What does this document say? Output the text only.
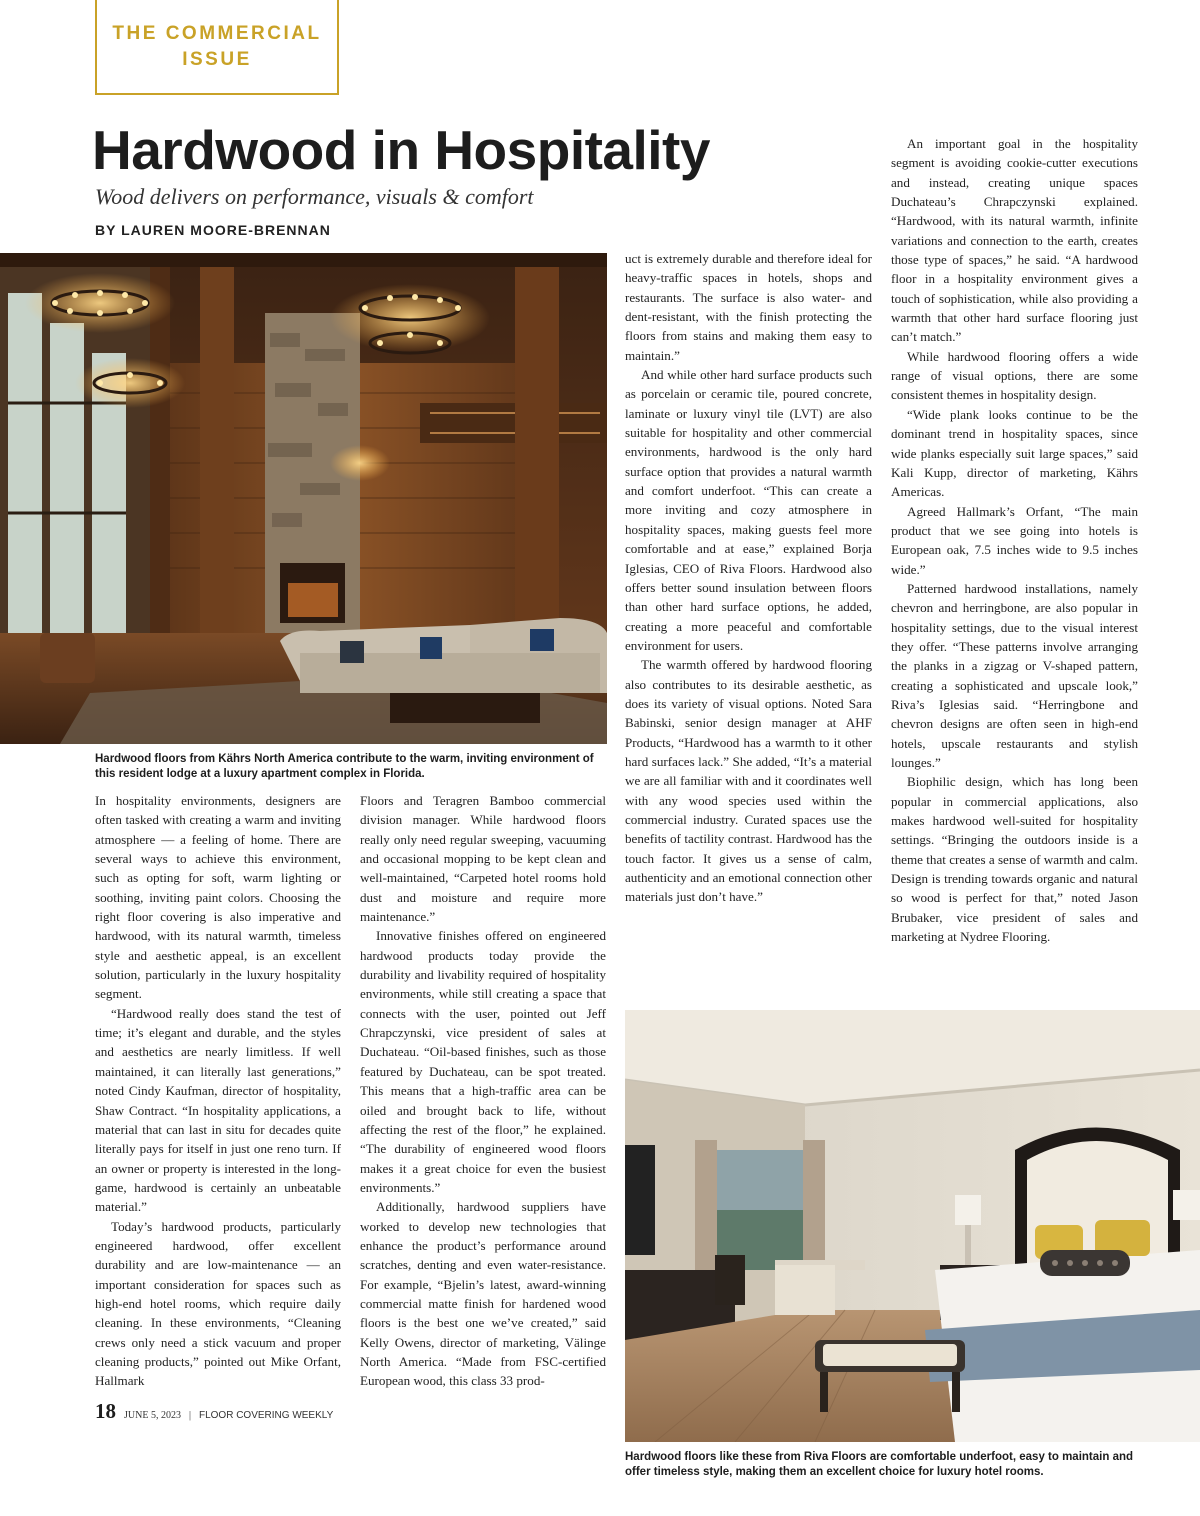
THE COMMERCIAL
ISSUE
Hardwood in Hospitality
Wood delivers on performance, visuals & comfort
BY LAUREN MOORE-BRENNAN
Hardwood floors from Kährs North America contribute to the warm, inviting environment of this resident lodge at a luxury apartment complex in Florida.
Hardwood floors like these from Riva Floors are comfortable underfoot, easy to maintain and offer timeless style, making them an excellent choice for luxury hotel rooms.

In hospitality environments, designers are often tasked with creating a warm and inviting atmosphere — a feeling of home. There are several ways to achieve this environment, such as opting for soft, warm lighting or soothing, inviting paint colors. Choosing the right floor covering is also imperative and hardwood, with its natural warmth, timeless style and aesthetic appeal, is an excellent solution, particularly in the luxury hospitality segment.

“Hardwood really does stand the test of time; it’s elegant and durable, and the styles and aesthetics are nearly limitless. If well maintained, it can literally last generations,” noted Cindy Kaufman, director of hospitality, Shaw Contract. “In hospitality applications, a material that can last in situ for decades quite literally pays for itself in just one reno turn. If an owner or property is interested in the long-game, hardwood is certainly an unbeatable material.”

Today’s hardwood products, particularly engineered hardwood, offer excellent durability and are low-maintenance — an important consideration for spaces such as high-end hotel rooms, which require daily cleaning. In these environments, “Cleaning crews only need a stick vacuum and proper cleaning products,” pointed out Mike Orfant, Hallmark

Floors and Teragren Bamboo commercial division manager. While hardwood floors really only need regular sweeping, vacuuming and occasional mopping to be kept clean and well-maintained, “Carpeted hotel rooms hold dust and moisture and require more maintenance.”

Innovative finishes offered on engineered hardwood products today provide the durability and livability required of hospitality environments, while still creating a space that connects with the user, pointed out Jeff Chrapczynski, vice president of sales at Duchateau. “Oil-based finishes, such as those featured by Duchateau, can be spot treated. This means that a high-traffic area can be oiled and brought back to life, without affecting the rest of the floor,” he explained. “The durability of engineered wood floors makes it a great choice for even the busiest environments.”

Additionally, hardwood suppliers have worked to develop new technologies that enhance the product’s performance around scratches, denting and even water-resistance. For example, “Bjelin’s latest, award-winning commercial matte finish for hardened wood floors is the best one we’ve created,” said Kelly Owens, director of marketing, Välinge North America. “Made from FSC-certified European wood, this class 33 prod-

uct is extremely durable and therefore ideal for heavy-traffic spaces in hotels, shops and restaurants. The surface is also water- and dent-resistant, with the finish protecting the floors from stains and making them easy to maintain.”

And while other hard surface products such as porcelain or ceramic tile, poured concrete, laminate or luxury vinyl tile (LVT) are also suitable for hospitality and other commercial environments, hardwood is the only hard surface option that provides a natural warmth and comfort underfoot. “This can create a more inviting and cozy atmosphere in hospitality spaces, making guests feel more comfortable and at ease,” explained Borja Iglesias, CEO of Riva Floors. Hardwood also offers better sound insulation between floors than other hard surface options, he added, creating a more peaceful and comfortable environment for users.

The warmth offered by hardwood flooring also contributes to its desirable aesthetic, as does its variety of visual options. Noted Sara Babinski, senior design manager at AHF Products, “Hardwood has a warmth to it other hard surfaces lack.” She added, “It’s a material we are all familiar with and it coordinates well with any wood species used within the commercial industry. Curated spaces use the benefits of tactility contrast. Hardwood has the touch factor. It gives us a sense of calm, authenticity and an emotional connection other materials just don’t have.”

An important goal in the hospitality segment is avoiding cookie-cutter executions and instead, creating unique spaces Duchateau’s Chrapczynski explained. “Hardwood, with its natural warmth, infinite variations and connection to the earth, creates those type of spaces,” he said. “A hardwood floor in a hospitality environment gives a touch of sophistication, while also providing a warmth that other hard surface flooring just can’t match.”

While hardwood flooring offers a wide range of visual options, there are some consistent themes in hospitality design.

“Wide plank looks continue to be the dominant trend in hospitality spaces, since wide planks especially suit large spaces,” said Kali Kupp, director of marketing, Kährs Americas.

Agreed Hallmark’s Orfant, “The main product that we see going into hotels is European oak, 7.5 inches wide to 9.5 inches wide.”

Patterned hardwood installations, namely chevron and herringbone, are also popular in hospitality settings, due to the visual interest they offer. “These patterns involve arranging the planks in a zigzag or V-shaped pattern, creating a sophisticated and upscale look,” Riva’s Iglesias said. “Herringbone and chevron designs are often seen in high-end hotels, upscale restaurants and stylish lounges.”

Biophilic design, which has long been popular in commercial applications, also makes hardwood well-suited for hospitality settings. “Bringing the outdoors inside is a theme that creates a sense of warmth and calm. Design is trending towards organic and natural so wood is perfect for that,” noted Jason Brubaker, vice president of sales and marketing at Nydree Flooring.

18 JUNE 5, 2023 | FLOOR COVERING WEEKLY
